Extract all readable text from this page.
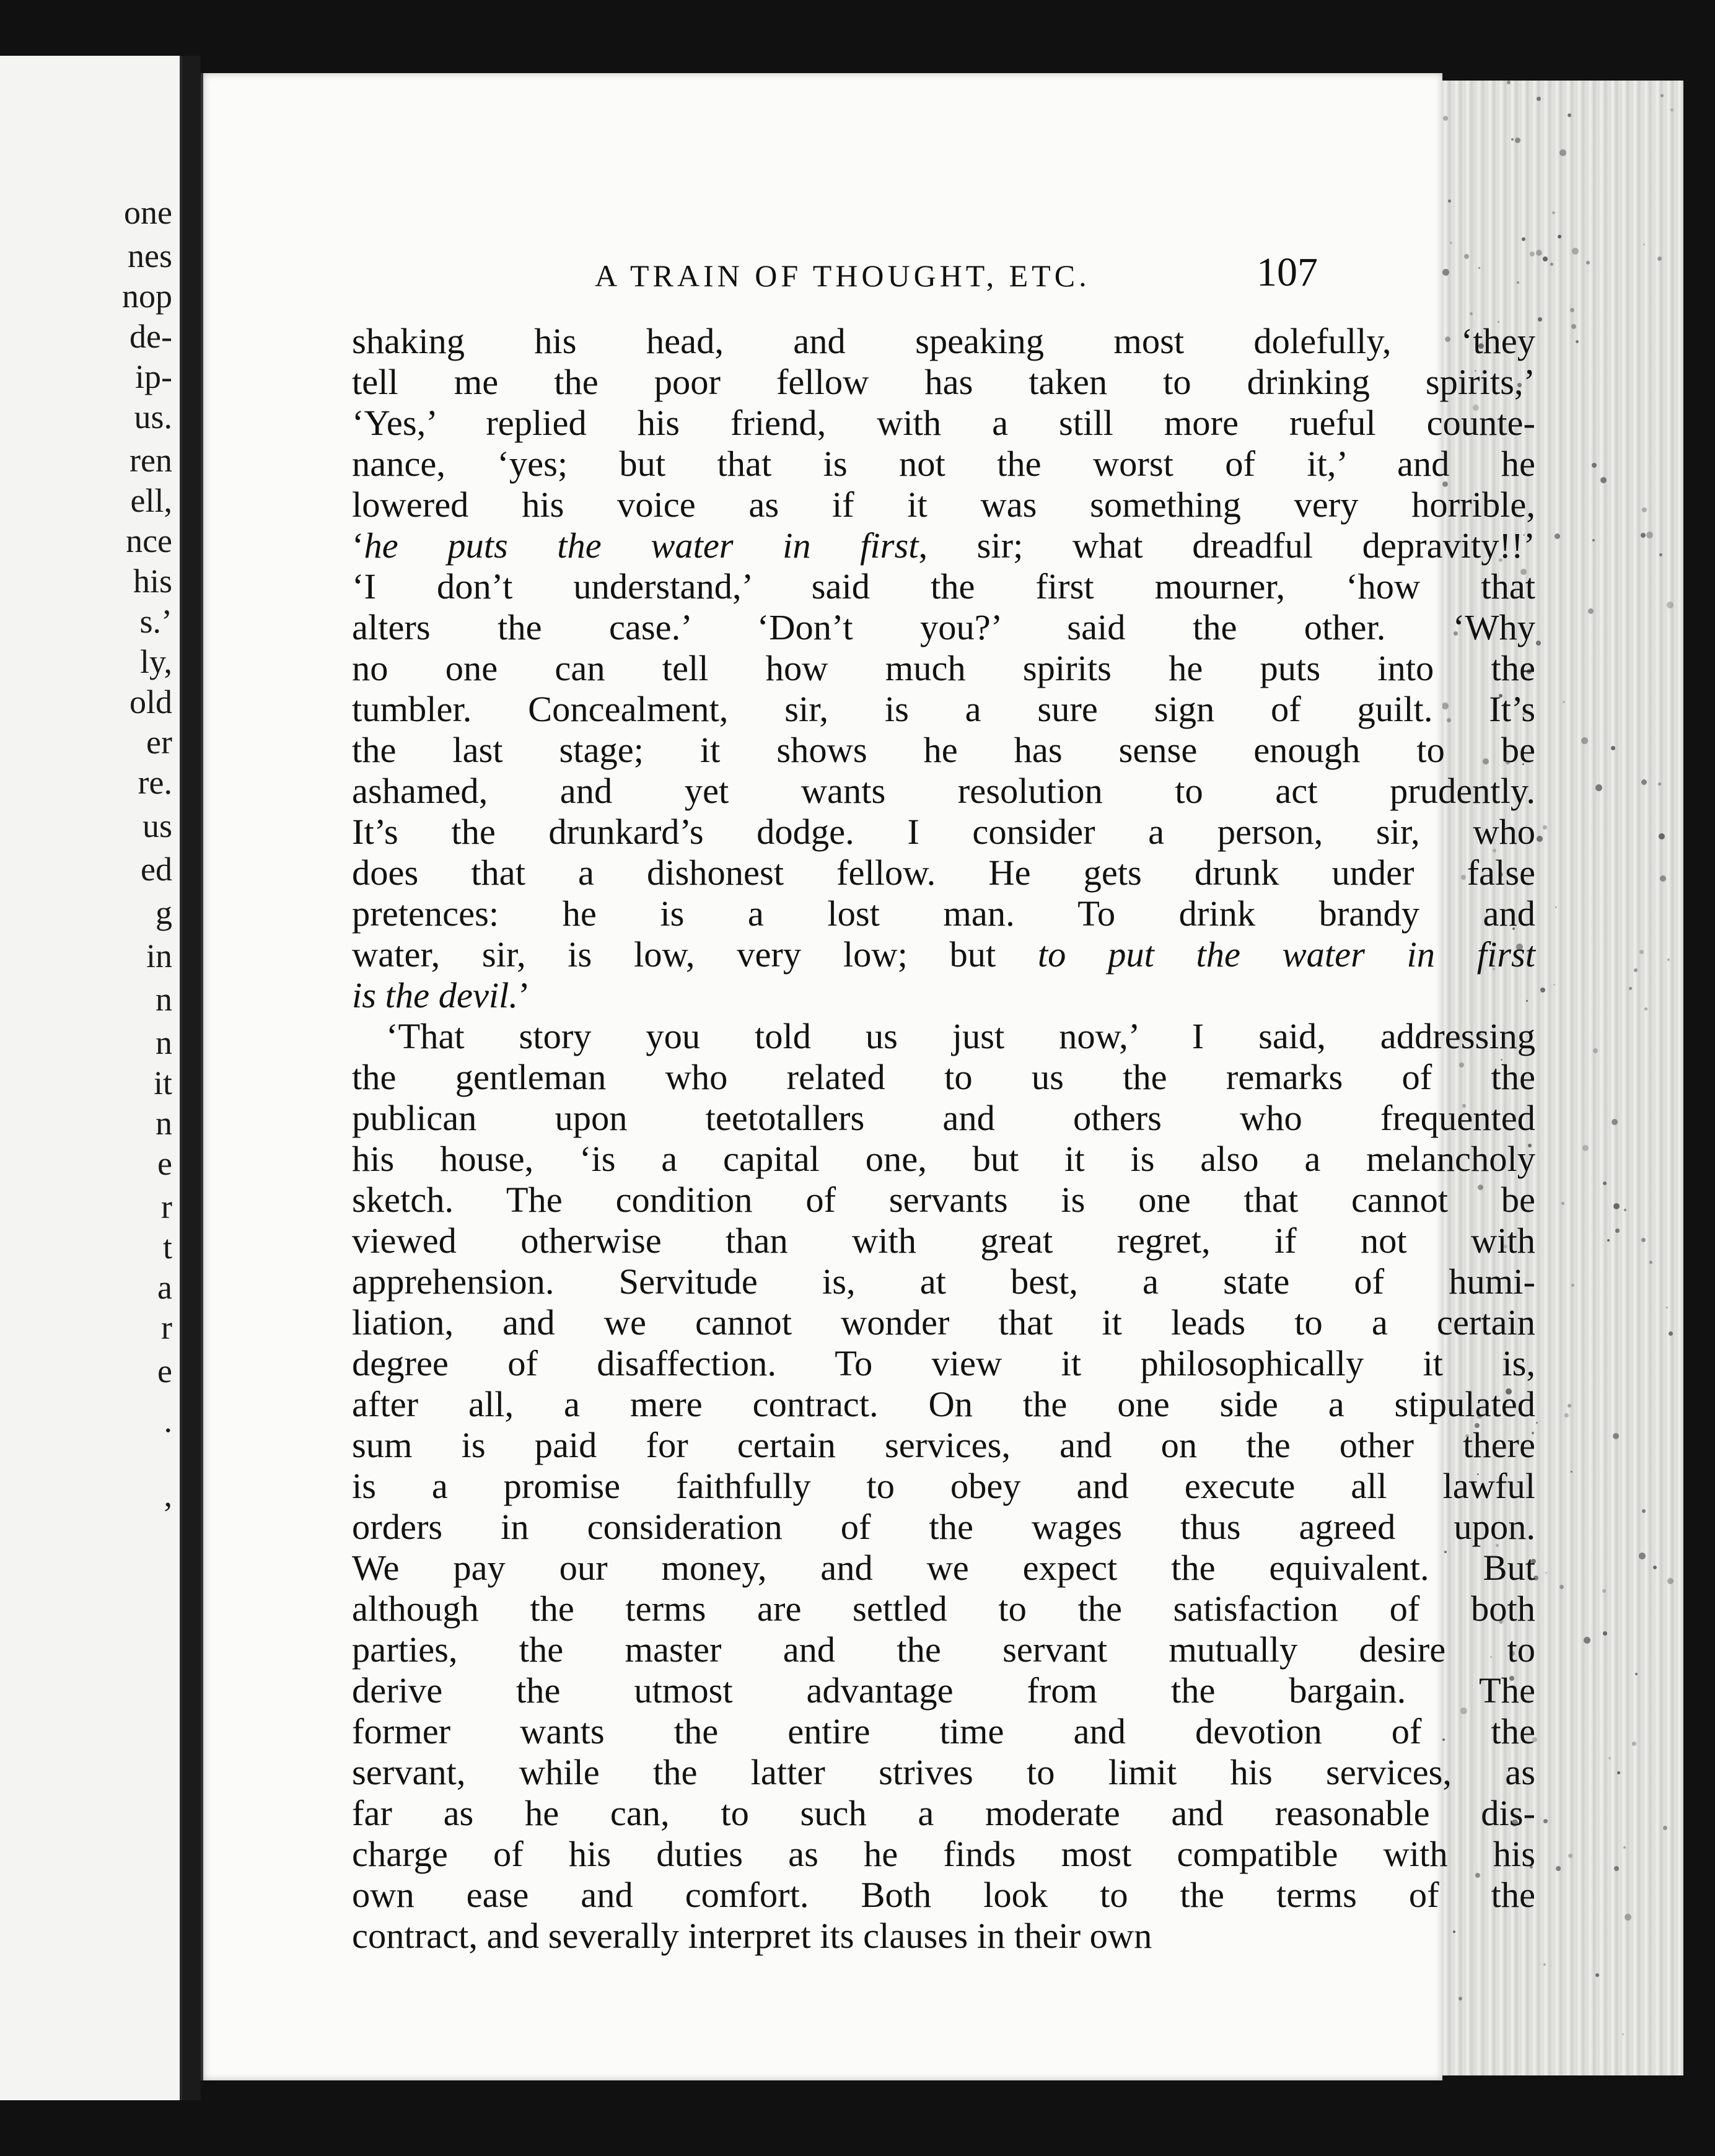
one
nes
nop
de-
ip-
us.
ren
ell,
nce
his
s.’
ly,
old
er
re.
us
ed
g
in
n
n
it
n
e
r
t
a
r
e
.
,
A TRAIN OF THOUGHT, ETC.	107
shaking his head, and speaking most dolefully, ‘they
tell me the poor fellow has taken to drinking spirits,’
‘Yes,’ replied his friend, with a still more rueful counte-
nance, ‘yes; but that is not the worst of it,’ and he
lowered his voice as if it was something very horrible,
‘he puts the water in first, sir; what dreadful depravity!!’
‘I don’t understand,’ said the first mourner, ‘how that
alters the case.’ ‘Don’t you?’ said the other. ‘Why
no one can tell how much spirits he puts into the
tumbler. Concealment, sir, is a sure sign of guilt. It’s
the last stage; it shows he has sense enough to be
ashamed, and yet wants resolution to act prudently.
It’s the drunkard’s dodge. I consider a person, sir, who
does that a dishonest fellow. He gets drunk under false
pretences: he is a lost man. To drink brandy and
water, sir, is low, very low; but to put the water in first
is the devil.’
‘That story you told us just now,’ I said, addressing
the gentleman who related to us the remarks of the
publican upon teetotallers and others who frequented
his house, ‘is a capital one, but it is also a melancholy
sketch. The condition of servants is one that cannot be
viewed otherwise than with great regret, if not with
apprehension. Servitude is, at best, a state of humi-
liation, and we cannot wonder that it leads to a certain
degree of disaffection. To view it philosophically it is,
after all, a mere contract. On the one side a stipulated
sum is paid for certain services, and on the other there
is a promise faithfully to obey and execute all lawful
orders in consideration of the wages thus agreed upon.
We pay our money, and we expect the equivalent. But
although the terms are settled to the satisfaction of both
parties, the master and the servant mutually desire to
derive the utmost advantage from the bargain. The
former wants the entire time and devotion of the
servant, while the latter strives to limit his services, as
far as he can, to such a moderate and reasonable dis-
charge of his duties as he finds most compatible with his
own ease and comfort. Both look to the terms of the
contract, and severally interpret its clauses in their own
